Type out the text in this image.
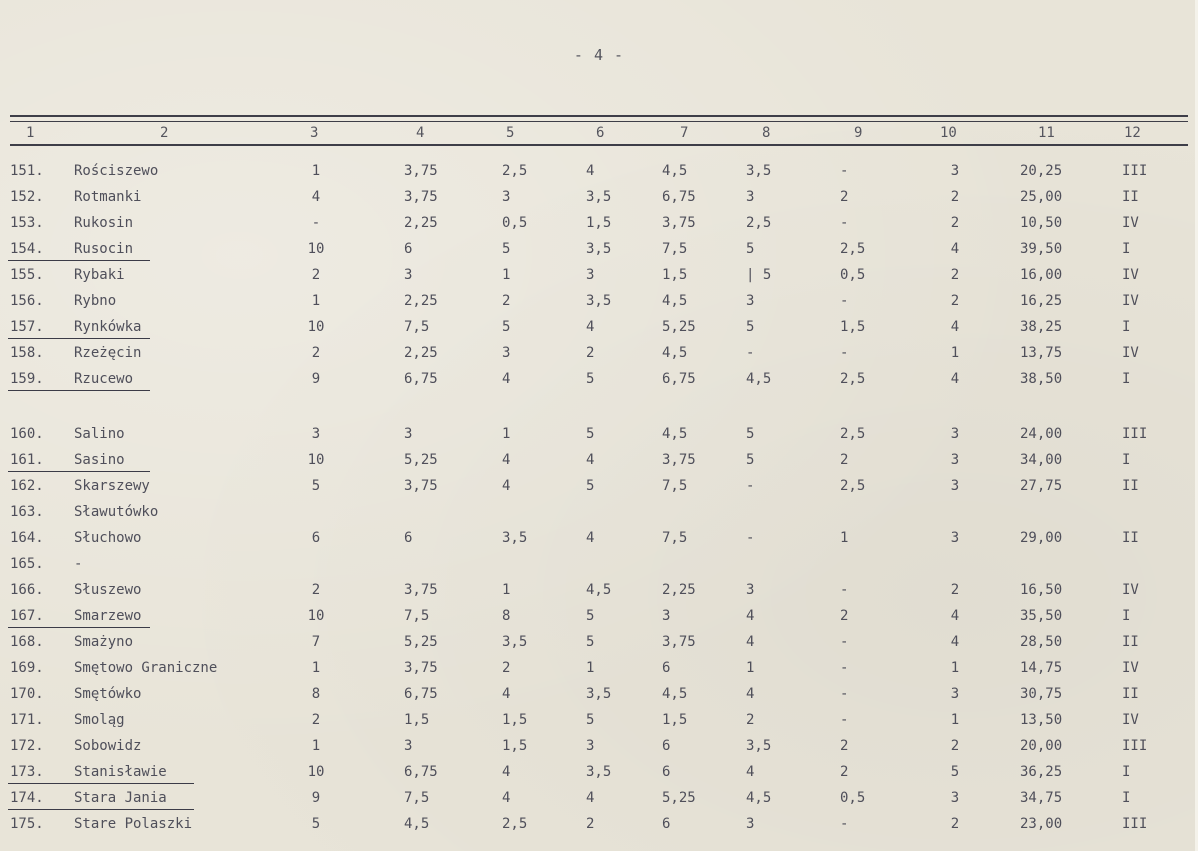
- 4 -
1	2	3	4	5	6	7	8	9	10	11	12
151.	Rościszewo	1	3,75	2,5	4	4,5	3,5	-	3	20,25	III
152.	Rotmanki	4	3,75	3	3,5	6,75	3	2	2	25,00	II
153.	Rukosin	-	2,25	0,5	1,5	3,75	2,5	-	2	10,50	IV
154.	Rusocin	10	6	5	3,5	7,5	5	2,5	4	39,50	I
155.	Rybaki	2	3	1	3	1,5	| 5	0,5	2	16,00	IV
156.	Rybno	1	2,25	2	3,5	4,5	3	-	2	16,25	IV
157.	Rynkówka	10	7,5	5	4	5,25	5	1,5	4	38,25	I
158.	Rzeżęcin	2	2,25	3	2	4,5	-	-	1	13,75	IV
159.	Rzucewo	9	6,75	4	5	6,75	4,5	2,5	4	38,50	I
160.	Salino	3	3	1	5	4,5	5	2,5	3	24,00	III
161.	Sasino	10	5,25	4	4	3,75	5	2	3	34,00	I
162.	Skarszewy	5	3,75	4	5	7,5	-	2,5	3	27,75	II
163.	Sławutówko
164.	Słuchowo	6	6	3,5	4	7,5	-	1	3	29,00	II
165.	-
166.	Słuszewo	2	3,75	1	4,5	2,25	3	-	2	16,50	IV
167.	Smarzewo	10	7,5	8	5	3	4	2	4	35,50	I
168.	Smażyno	7	5,25	3,5	5	3,75	4	-	4	28,50	II
169.	Smętowo Graniczne	1	3,75	2	1	6	1	-	1	14,75	IV
170.	Smętówko	8	6,75	4	3,5	4,5	4	-	3	30,75	II
171.	Smoląg	2	1,5	1,5	5	1,5	2	-	1	13,50	IV
172.	Sobowidz	1	3	1,5	3	6	3,5	2	2	20,00	III
173.	Stanisławie	10	6,75	4	3,5	6	4	2	5	36,25	I
174.	Stara Jania	9	7,5	4	4	5,25	4,5	0,5	3	34,75	I
175.	Stare Polaszki	5	4,5	2,5	2	6	3	-	2	23,00	III
